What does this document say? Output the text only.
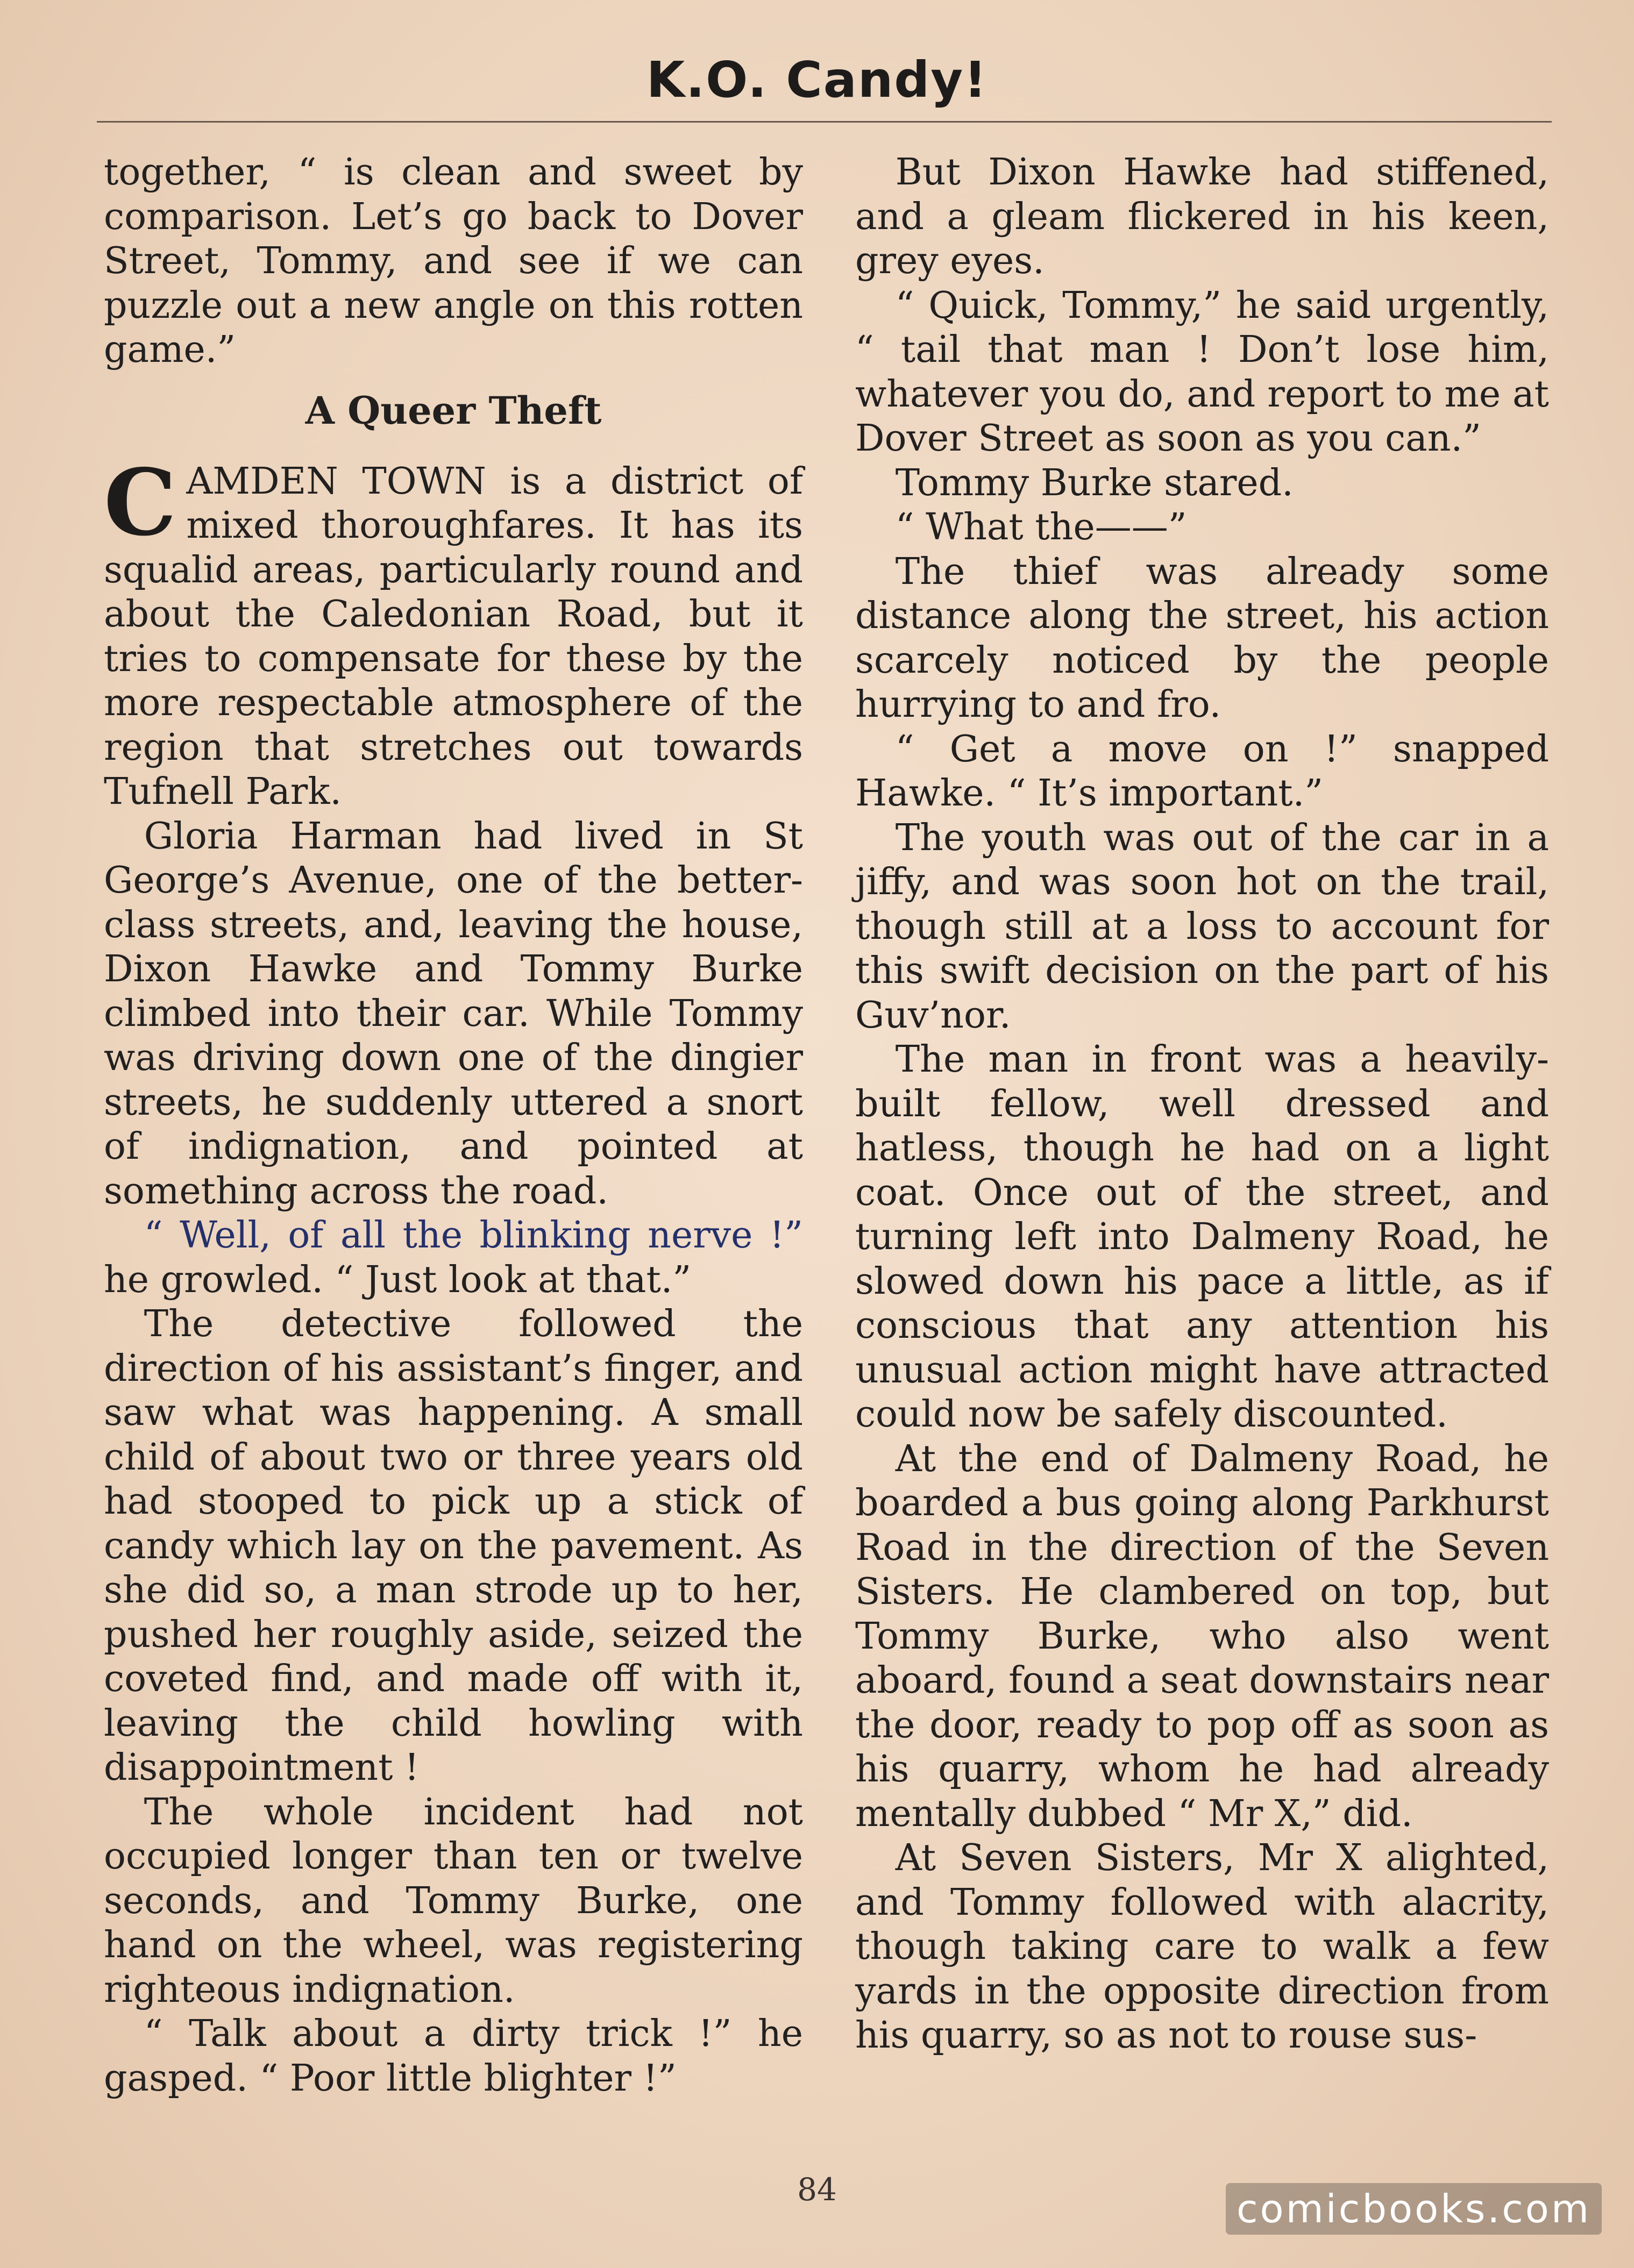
K.O. Candy!

together, “ is clean and sweet by comparison. Let’s go back to Dover Street, Tommy, and see if we can puzzle out a new angle on this rotten game.”

A Queer Theft

CAMDEN TOWN is a district of mixed thoroughfares. It has its squalid areas, particularly round and about the Caledonian Road, but it tries to compensate for these by the more respectable atmosphere of the region that stretches out towards Tufnell Park.

Gloria Harman had lived in St George’s Avenue, one of the better-class streets, and, leaving the house, Dixon Hawke and Tommy Burke climbed into their car. While Tommy was driving down one of the dingier streets, he suddenly uttered a snort of indignation, and pointed at something across the road.

“ Well, of all the blinking nerve !” he growled. “ Just look at that.”

The detective followed the direction of his assistant’s finger, and saw what was happening. A small child of about two or three years old had stooped to pick up a stick of candy which lay on the pavement. As she did so, a man strode up to her, pushed her roughly aside, seized the coveted find, and made off with it, leaving the child howling with disappointment !

The whole incident had not occupied longer than ten or twelve seconds, and Tommy Burke, one hand on the wheel, was registering righteous indignation.

“ Talk about a dirty trick !” he gasped. “ Poor little blighter !”

But Dixon Hawke had stiffened, and a gleam flickered in his keen, grey eyes.

“ Quick, Tommy,” he said urgently, “ tail that man ! Don’t lose him, whatever you do, and report to me at Dover Street as soon as you can.”

Tommy Burke stared.

“ What the——”

The thief was already some distance along the street, his action scarcely noticed by the people hurrying to and fro.

“ Get a move on !” snapped Hawke. “ It’s important.”

The youth was out of the car in a jiffy, and was soon hot on the trail, though still at a loss to account for this swift decision on the part of his Guv’nor.

The man in front was a heavily-built fellow, well dressed and hatless, though he had on a light coat. Once out of the street, and turning left into Dalmeny Road, he slowed down his pace a little, as if conscious that any attention his unusual action might have attracted could now be safely discounted.

At the end of Dalmeny Road, he boarded a bus going along Parkhurst Road in the direction of the Seven Sisters. He clambered on top, but Tommy Burke, who also went aboard, found a seat downstairs near the door, ready to pop off as soon as his quarry, whom he had already mentally dubbed “ Mr X,” did.

At Seven Sisters, Mr X alighted, and Tommy followed with alacrity, though taking care to walk a few yards in the opposite direction from his quarry, so as not to rouse sus-

84	comicbooks.com
